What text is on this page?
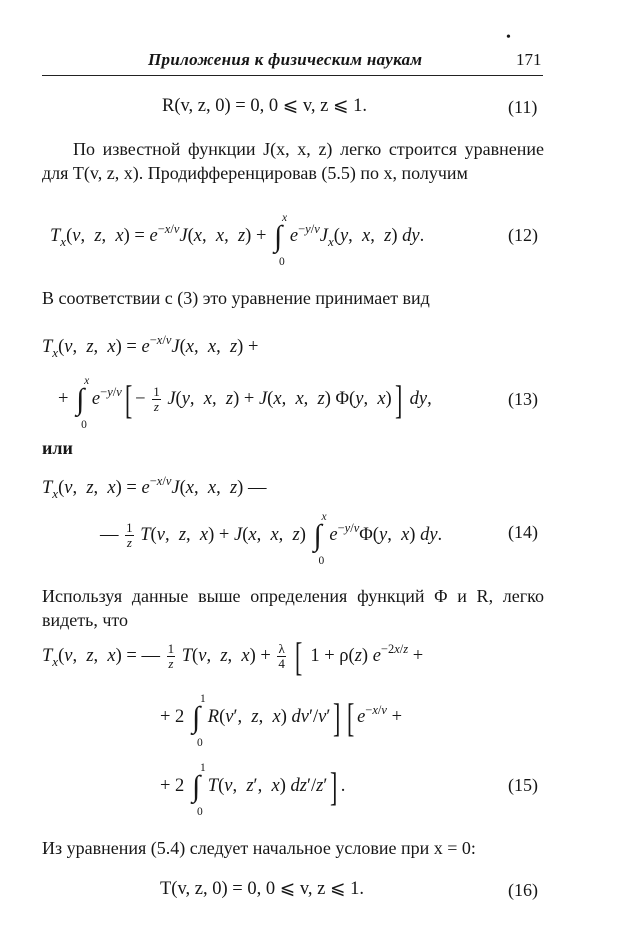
Приложения к физическим наукам	171
•
R(v, z, 0) = 0, 0 ⩽ v, z ⩽ 1.	(11)
По известной функции J(x, x, z) легко строится уравнение для T(v, z, x). Продифференцировав (5.5) по x, получим
$T_x(v$,  z,  $x) = e^{-x/v}J(x$,  x,  z) + ∫
x
0
$e^{-y/v}J_x(y$,  x,  z) dy.	(12)
В соответствии с (3) это уравнение принимает вид
$T_x(v$,  z,  $x) = e^{-x/v}J(x$,  x,  z) +
+ ∫
x
0
$e^{-y/v}[ - \frac{1}{z} J(y$,  x,  z) + J(x,  x,  z) Φ(y,  x)] dy,	(13)
или
$T_x(v$,  z,  $x) = e^{-x/v}J(x$,  x,  z) —
— $\frac{1}{z} T(v$,  z,  x) + J(x,  x,  z) ∫
x
0
$e^{-y/v}\Phi(y$,  x) dy.	(14)
Используя данные выше определения функций Φ и R, легко видеть, что
$T_x(v$,  z,  x) = — $\frac{1}{z} T(v$,  z,  $x) + \frac{\lambda}{4}$ [ 1 + ρ(z) $e^{-2x/z}$ +
+ 2 ∫
1
0
R(v′,  z,  x) dv′/v′] [ $e^{-x/v}$ +
+ 2 ∫
1
0
T(v,  z′,  x) dz′/z′] .	(15)
Из уравнения (5.4) следует начальное условие при x = 0:
T(v, z, 0) = 0, 0 ⩽ v, z ⩽ 1.	(16)
